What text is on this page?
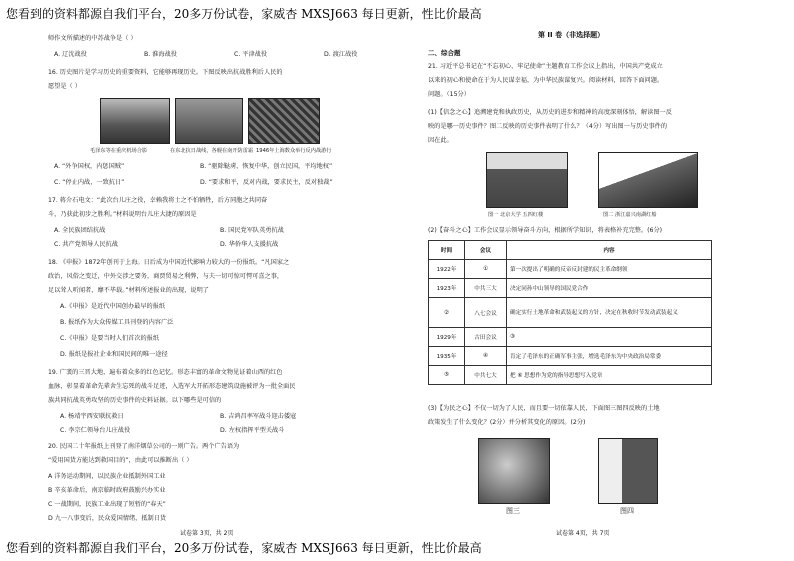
您看到的资料都源自我们平台，20多万份试卷，家威杏 MXSJ663 每日更新，性比价最高
师作文所描述的中苏战争是（ ）
A. 辽沈战役	B. 淮海战役	C. 平津战役	D. 渡江战役
16. 历史图片是学习历史的重要资料，它能够再现历史。下图反映出抗战胜利后人民的
愿望是（ ）
毛泽东等在重庆机场合影	在东北抗日战线，各舰在南开防雷霜 1946年上海数众举行反内战游行
A. “外争国权，内惩国贼”	B. “驱除鞑虏，恢复中华，创立民国，平均地权”
C. “停止内战，一致抗日”	D. “要求和平，反对内战，要求民主，反对独裁”
17. 蒋介石电文：“此次台儿庄之役，幸赖我将士之不怕牺牲，后方同胞之共同奋
斗，乃获此初步之胜利。”材料说明台儿庄大捷的原因是
A. 全民族团结抗战	B. 国民党军队英勇抗战
C. 共产党领导人民抗战	D. 华侨华人支援抗战
18. 《申报》1872年创刊于上海。日后成为中国近代影响力较大的一份报纸。“凡国家之
政治，风俗之变迁，中外交涉之要务，商贾贸易之利弊，与夫一切可惊可愕可喜之事，
足以耸人听闻者，靡不毕载。”材料所述报业的出现，说明了
A.《申报》是近代中国创办最早的报纸
B. 报纸作为大众传媒工具刊登的内容广泛
C.《申报》是要当时人们首次的报纸
D. 报纸是报社企业和国民间的唯一途径
19. 广袤的三晋大地，遍布着众多的红色记忆。形态丰富的革命文物见证着山西的红色
血脉，彰显着革命先辈舍生忘死的战斗足迹，入选军大开拓形态建筑设施被评为一批全面民
族共同抗战英勇攻坚的历史事件的史料证据。以下哪些是可信的
A. 杨靖宇西安联抗救日	B. 吉鸿昌率军战斗迎击倭寇
C. 李宗仁领导台儿庄战役	D. 左权指挥平型关战斗
20. 民国二十年报纸上刊登了南洋烟草公司的一则广告。两个广告语为
“爱用国货方能达到救国目的”，由此可以推断出（ ）
A 洋务运动期间，以民族企业抵制外国工业
B 辛亥革命后，南京临时政府鼓励兴办实业
C 一战期间，民族工业出现了短暂的“春天”
D 九一八事变后，民众爱国情绪，抵制日货
试卷第 3页，共 2页
第 II 卷（非选择题）
二、综合题
21. 习近平总书记在“不忘初心，牢记使命”主题教育工作会议上指出，中国共产党成立
以来的初心和使命在于为人民谋幸福，为中华民族谋复兴。阅读材料，回答下面问题。
问题。（15分）
(1)【信念之心】追溯建党和执政历史，从历史的进步和精神的高度深刻体悟，解读图一反
映的是哪一历史事件？图二反映的历史事件表明了什么？（4分）写出图一与历史事件的
因在此。
图一 北京大学 五四红楼	图二 浙江嘉兴南湖红船
(2)【奋斗之心】工作会议显示领导奋斗方向，根据所学知识，将表格补充完整。(6分)
时间	会议	内容
1922年	①	第一次提出了明确的反帝反封建的民主革命纲领
1923年	中共三大	决定同孙中山领导的国民党合作
②	八七会议	确定实行土地革命和武装起义的方针，决定在秋收时节发动武装起义
1929年	古田会议	③
1935年	④	肯定了毛泽东的正确军事主张，增选毛泽东为中央政治局常委
⑤	中共七大	把 ⑥ 思想作为党的指导思想写入党章
(3)【为民之心】不仅一切为了人民，而且要一切依靠人民，下面图三图四反映的土地
政策发生了什么变化？(2分）并分析其变化的原因。(2分)
图三	图四
试卷第 4页，共 7页
您看到的资料都源自我们平台，20多万份试卷，家威杏 MXSJ663 每日更新，性比价最高
